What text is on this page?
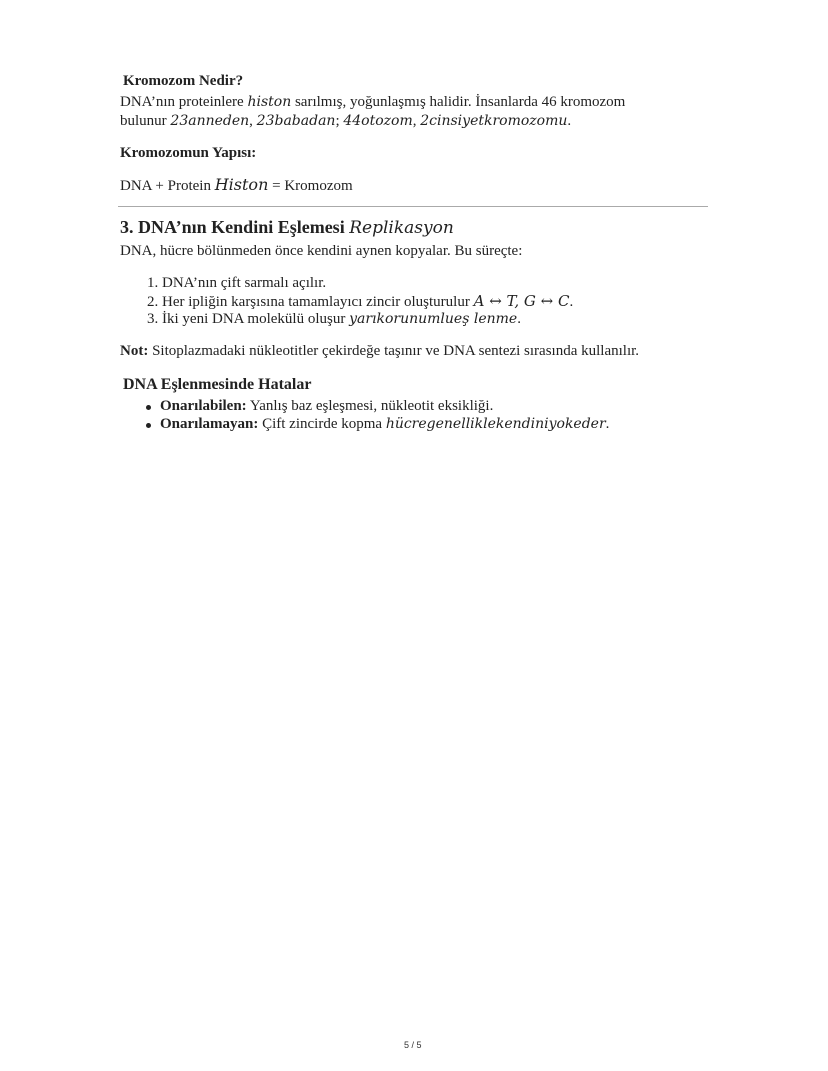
Kromozom Nedir?
DNA’nın proteinlere histon sarılmış, yoğunlaşmış halidir. İnsanlarda 46 kromozom
bulunur 23anneden, 23babadan; 44otozom, 2cinsiyetkromozomu.
Kromozomun Yapısı:
DNA + Protein Histon = Kromozom
3. DNA’nın Kendini Eşlemesi Replikasyon
DNA, hücre bölünmeden önce kendini aynen kopyalar. Bu süreçte:
1. DNA’nın çift sarmalı açılır.
2. Her ipliğin karşısına tamamlayıcı zincir oluşturulur A ↔ T, G ↔ C.
3. İki yeni DNA molekülü oluşur yarıkorunumlueş lenme.
Not: Sitoplazmadaki nükleotitler çekirdeğe taşınır ve DNA sentezi sırasında kullanılır.
DNA Eşlenmesinde Hatalar
Onarılabilen: Yanlış baz eşleşmesi, nükleotit eksikliği.
Onarılamayan: Çift zincirde kopma hücregenelliklekendiniyokeder.
5 / 5
